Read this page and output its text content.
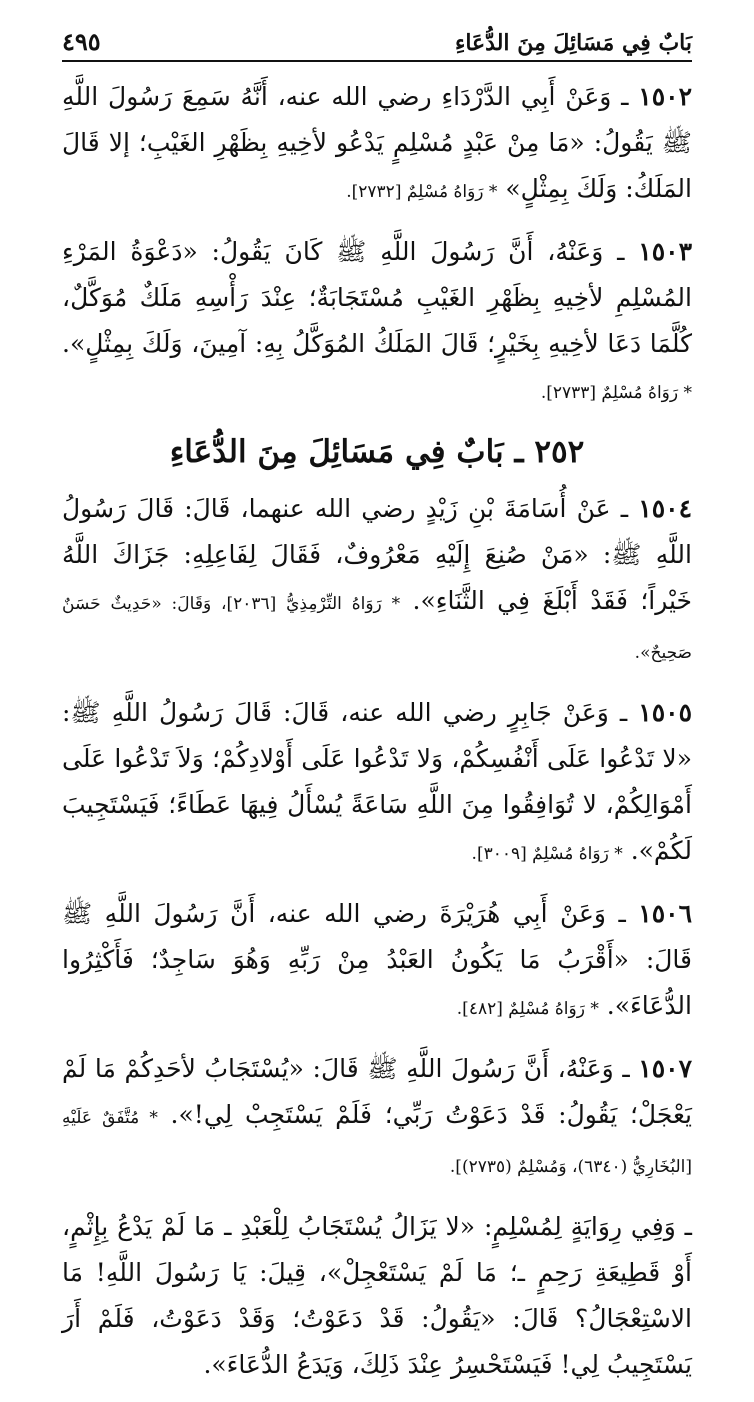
بَابٌ فِي مَسَائِلَ مِنَ الدُّعَاءِ
٤٩٥

١٥٠٢ ـ وَعَنْ أَبِي الدَّرْدَاءِ رضي الله عنه، أَنَّهُ سَمِعَ رَسُولَ اللَّهِ ﷺ يَقُولُ: «مَا مِنْ عَبْدٍ مُسْلِمٍ يَدْعُو لأخِيهِ بِظَهْرِ الغَيْبِ؛ إلا قَالَ المَلَكُ: وَلَكَ بِمِثْلٍ» * رَوَاهُ مُسْلِمٌ [٢٧٣٢].

١٥٠٣ ـ وَعَنْهُ، أَنَّ رَسُولَ اللَّهِ ﷺ كَانَ يَقُولُ: «دَعْوَةُ المَرْءِ المُسْلِمِ لأخِيهِ بِظَهْرِ الغَيْبِ مُسْتَجَابَةٌ؛ عِنْدَ رَأْسِهِ مَلَكٌ مُوَكَّلٌ، كُلَّمَا دَعَا لأخِيهِ بِخَيْرٍ؛ قَالَ المَلَكُ المُوَكَّلُ بِهِ: آمِينَ، وَلَكَ بِمِثْلٍ». * رَوَاهُ مُسْلِمٌ [٢٧٣٣].

٢٥٢ ـ بَابٌ فِي مَسَائِلَ مِنَ الدُّعَاءِ

١٥٠٤ ـ عَنْ أُسَامَةَ بْنِ زَيْدٍ رضي الله عنهما، قَالَ: قَالَ رَسُولُ اللَّهِ ﷺ: «مَنْ صُنِعَ إِلَيْهِ مَعْرُوفٌ، فَقَالَ لِفَاعِلِهِ: جَزَاكَ اللَّهُ خَيْراً؛ فَقَدْ أَبْلَغَ فِي الثَّنَاءِ». * رَوَاهُ التِّرْمِذِيُّ [٢٠٣٦]، وَقَالَ: «حَدِيثٌ حَسَنٌ صَحِيحٌ».

١٥٠٥ ـ وَعَنْ جَابِرٍ رضي الله عنه، قَالَ: قَالَ رَسُولُ اللَّهِ ﷺ: «لا تَدْعُوا عَلَى أَنْفُسِكُمْ، وَلا تَدْعُوا عَلَى أَوْلادِكُمْ؛ وَلاَ تَدْعُوا عَلَى أَمْوَالِكُمْ، لا تُوَافِقُوا مِنَ اللَّهِ سَاعَةً يُسْأَلُ فِيهَا عَطَاءً؛ فَيَسْتَجِيبَ لَكُمْ». * رَوَاهُ مُسْلِمٌ [٣٠٠٩].

١٥٠٦ ـ وَعَنْ أَبِي هُرَيْرَةَ رضي الله عنه، أَنَّ رَسُولَ اللَّهِ ﷺ قَالَ: «أَقْرَبُ مَا يَكُونُ العَبْدُ مِنْ رَبِّهِ وَهُوَ سَاجِدٌ؛ فَأَكْثِرُوا الدُّعَاءَ». * رَوَاهُ مُسْلِمٌ [٤٨٢].

١٥٠٧ ـ وَعَنْهُ، أَنَّ رَسُولَ اللَّهِ ﷺ قَالَ: «يُسْتَجَابُ لأحَدِكُمْ مَا لَمْ يَعْجَلْ؛ يَقُولُ: قَدْ دَعَوْتُ رَبِّي؛ فَلَمْ يَسْتَجِبْ لِي!». * مُتَّفَقٌ عَلَيْهِ [البُخَارِيُّ (٦٣٤٠)، وَمُسْلِمٌ (٢٧٣٥)].

ـ وَفِي رِوَايَةٍ لِمُسْلِمٍ: «لا يَزَالُ يُسْتَجَابُ لِلْعَبْدِ ـ مَا لَمْ يَدْعُ بِإِثْمٍ، أَوْ قَطِيعَةِ رَحِمٍ ـ؛ مَا لَمْ يَسْتَعْجِلْ»، قِيلَ: يَا رَسُولَ اللَّهِ! مَا الاسْتِعْجَالُ؟ قَالَ: «يَقُولُ: قَدْ دَعَوْتُ؛ وَقَدْ دَعَوْتُ، فَلَمْ أَرَ يَسْتَجِيبُ لِي! فَيَسْتَحْسِرُ عِنْدَ ذَلِكَ، وَيَدَعُ الدُّعَاءَ».
